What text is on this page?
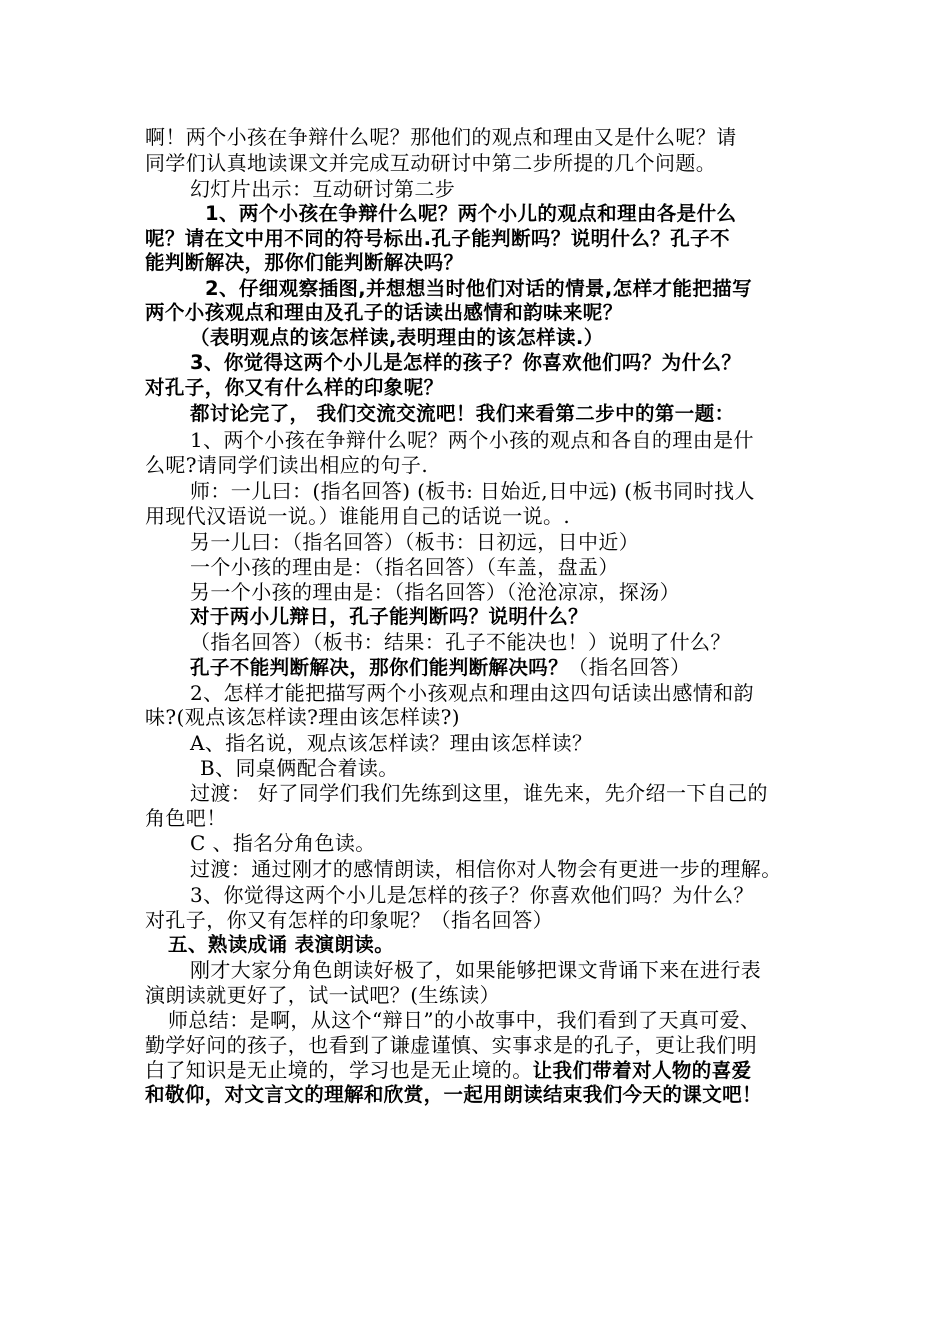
啊！两个小孩在争辩什么呢？那他们的观点和理由又是什么呢？请
同学们认真地读课文并完成互动研讨中第二步所提的几个问题。
幻灯片出示：互动研讨第二步
1、两个小孩在争辩什么呢？两个小儿的观点和理由各是什么
呢？请在文中用不同的符号标出.孔子能判断吗？说明什么？孔子不
能判断解决，那你们能判断解决吗？
2、仔细观察插图,并想想当时他们对话的情景,怎样才能把描写
两个小孩观点和理由及孔子的话读出感情和韵味来呢？
（表明观点的该怎样读,表明理由的该怎样读.）
3、你觉得这两个小儿是怎样的孩子？你喜欢他们吗？为什么？
对孔子，你又有什么样的印象呢？
都讨论完了， 我们交流交流吧！我们来看第二步中的第一题：
1、两个小孩在争辩什么呢？两个小孩的观点和各自的理由是什
么呢?请同学们读出相应的句子.
师：一儿曰：(指名回答) (板书: 日始近,日中远) (板书同时找人
用现代汉语说一说。）谁能用自己的话说一说。.
另一儿曰：（指名回答）（板书：日初远，日中近）
一个小孩的理由是：（指名回答）（车盖，盘盂）
另一个小孩的理由是：（指名回答）（沧沧凉凉，探汤）
对于两小儿辩日，孔子能判断吗？说明什么？
（指名回答）（板书：结果：孔子不能决也！）说明了什么？
孔子不能判断解决，那你们能判断解决吗？（指名回答）
2、怎样才能把描写两个小孩观点和理由这四句话读出感情和韵
味?(观点该怎样读?理由该怎样读?)
A、指名说，观点该怎样读？理由该怎样读？
B、同桌俩配合着读。
过渡： 好了同学们我们先练到这里，谁先来，先介绍一下自己的
角色吧！
C 、指名分角色读。
过渡：通过刚才的感情朗读，相信你对人物会有更进一步的理解。
3、你觉得这两个小儿是怎样的孩子？你喜欢他们吗？为什么？
对孔子，你又有怎样的印象呢？（指名回答）
五、熟读成诵 表演朗读。
刚才大家分角色朗读好极了，如果能够把课文背诵下来在进行表
演朗读就更好了，试一试吧？(生练读）
师总结：是啊，从这个“辩日”的小故事中，我们看到了天真可爱、
勤学好问的孩子，也看到了谦虚谨慎、实事求是的孔子，更让我们明
白了知识是无止境的，学习也是无止境的。让我们带着对人物的喜爱
和敬仰，对文言文的理解和欣赏，一起用朗读结束我们今天的课文吧！
